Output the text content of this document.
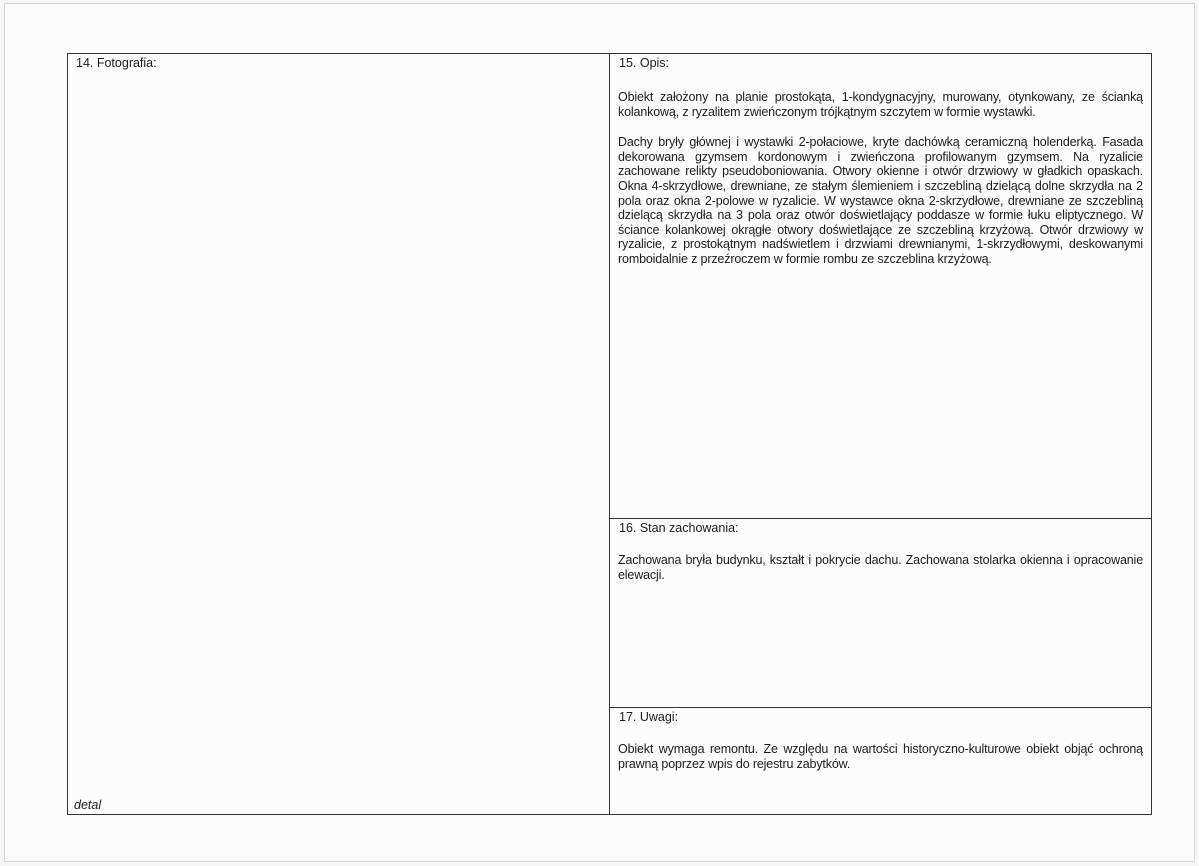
14. Fotografia:
detal
15. Opis:

Obiekt założony na planie prostokąta, 1-kondygnacyjny, murowany, otynkowany, ze ścianką kolankową, z ryzalitem zwieńczonym trójkątnym szczytem w formie wystawki.

Dachy bryły głównej i wystawki 2-połaciowe, kryte dachówką ceramiczną holenderką. Fasada dekorowana gzymsem kordonowym i zwieńczona profilowanym gzymsem. Na ryzalicie zachowane relikty pseudoboniowania. Otwory okienne i otwór drzwiowy w gładkich opaskach. Okna 4-skrzydłowe, drewniane, ze stałym ślemieniem i szczebliną dzielącą dolne skrzydła na 2 pola oraz okna 2-polowe w ryzalicie. W wystawce okna 2-skrzydłowe, drewniane ze szczebliną dzielącą skrzydła na 3 pola oraz otwór doświetlający poddasze w formie łuku eliptycznego. W ściance kolankowej okrągłe otwory doświetlające ze szczebliną krzyżową. Otwór drzwiowy w ryzalicie, z prostokątnym nadświetlem i drzwiami drewnianymi, 1-skrzydłowymi, deskowanymi romboidalnie z przeźroczem w formie rombu ze szczeblina krzyżową.

16. Stan zachowania:

Zachowana bryła budynku, kształt i pokrycie dachu. Zachowana stolarka okienna i opracowanie elewacji.

17. Uwagi:

Obiekt wymaga remontu. Ze względu na wartości historyczno-kulturowe obiekt objąć ochroną prawną poprzez wpis do rejestru zabytków.
